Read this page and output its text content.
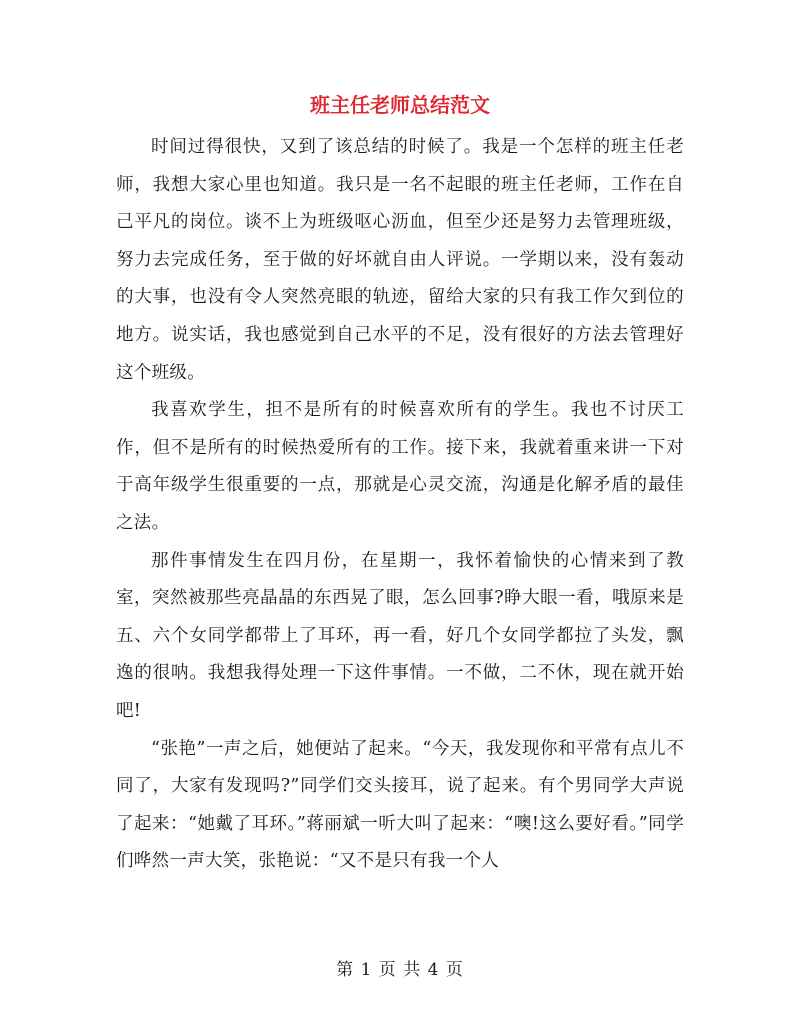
班主任老师总结范文

时间过得很快，又到了该总结的时候了。我是一个怎样的班主任老师，我想大家心里也知道。我只是一名不起眼的班主任老师，工作在自己平凡的岗位。谈不上为班级呕心沥血，但至少还是努力去管理班级，努力去完成任务，至于做的好坏就自由人评说。一学期以来，没有轰动的大事，也没有令人突然亮眼的轨迹，留给大家的只有我工作欠到位的地方。说实话，我也感觉到自己水平的不足，没有很好的方法去管理好这个班级。

我喜欢学生，担不是所有的时候喜欢所有的学生。我也不讨厌工作，但不是所有的时候热爱所有的工作。接下来，我就着重来讲一下对于高年级学生很重要的一点，那就是心灵交流，沟通是化解矛盾的最佳之法。

那件事情发生在四月份，在星期一，我怀着愉快的心情来到了教室，突然被那些亮晶晶的东西晃了眼，怎么回事?睁大眼一看，哦原来是五、六个女同学都带上了耳环，再一看，好几个女同学都拉了头发，飘逸的很呐。我想我得处理一下这件事情。一不做，二不休，现在就开始吧!

“张艳”一声之后，她便站了起来。“今天，我发现你和平常有点儿不同了，大家有发现吗?”同学们交头接耳，说了起来。有个男同学大声说了起来：“她戴了耳环。”蒋丽斌一听大叫了起来：“噢!这么要好看。”同学们哗然一声大笑，张艳说：“又不是只有我一个人

第 1 页 共 4 页
